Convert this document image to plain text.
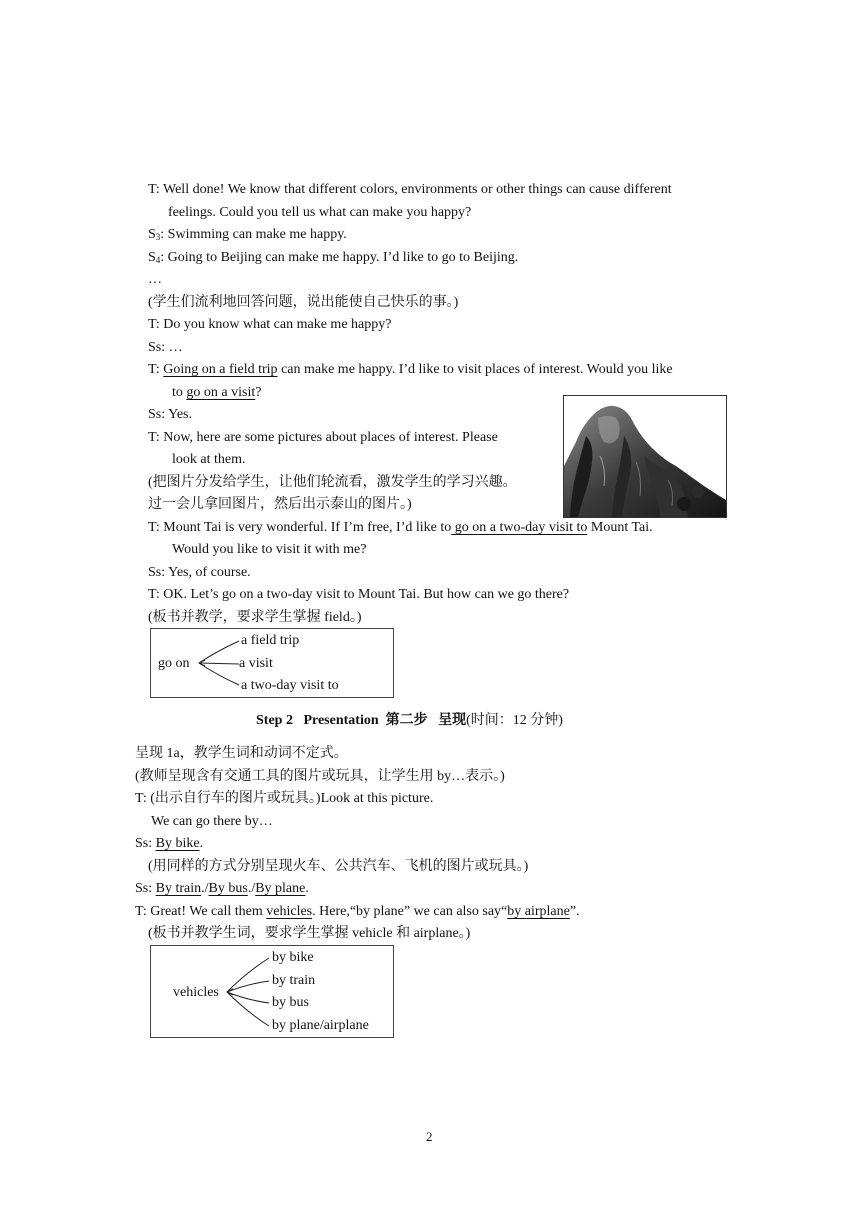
T: Well done! We know that different colors, environments or other things can cause different
feelings. Could you tell us what can make you happy?
$S_3$: Swimming can make me happy.
$S_4$: Going to Beijing can make me happy. I’d like to go to Beijing.
…
(学生们流利地回答问题，说出能使自己快乐的事。)
T: Do you know what can make me happy?
Ss: …
T: Going on a field trip can make me happy. I’d like to visit places of interest. Would you like
to go on a visit?
Ss: Yes.
T: Now, here are some pictures about places of interest. Please
look at them.
(把图片分发给学生，让他们轮流看，激发学生的学习兴趣。
过一会儿拿回图片，然后出示泰山的图片。)
T: Mount Tai is very wonderful. If I’m free, I’d like to go on a two-day visit to Mount Tai.
Would you like to visit it with me?
Ss: Yes, of course.
T: OK. Let’s go on a two-day visit to Mount Tai. But how can we go there?
(板书并教学，要求学生掌握 field。)
go on
a field trip
a visit
a two-day visit to
Step 2 Presentation 第二步 呈现(时间：12 分钟)
呈现 1a，教学生词和动词不定式。
(教师呈现含有交通工具的图片或玩具，让学生用 by…表示。)
T: (出示自行车的图片或玩具。)Look at this picture.
We can go there by…
Ss: By bike.
(用同样的方式分别呈现火车、公共汽车、飞机的图片或玩具。)
Ss: By train./By bus./By plane.
T: Great! We call them vehicles. Here,“by plane” we can also say“by airplane”.
(板书并教学生词，要求学生掌握 vehicle 和 airplane。)
vehicles
by bike
by train
by bus
by plane/airplane
2
